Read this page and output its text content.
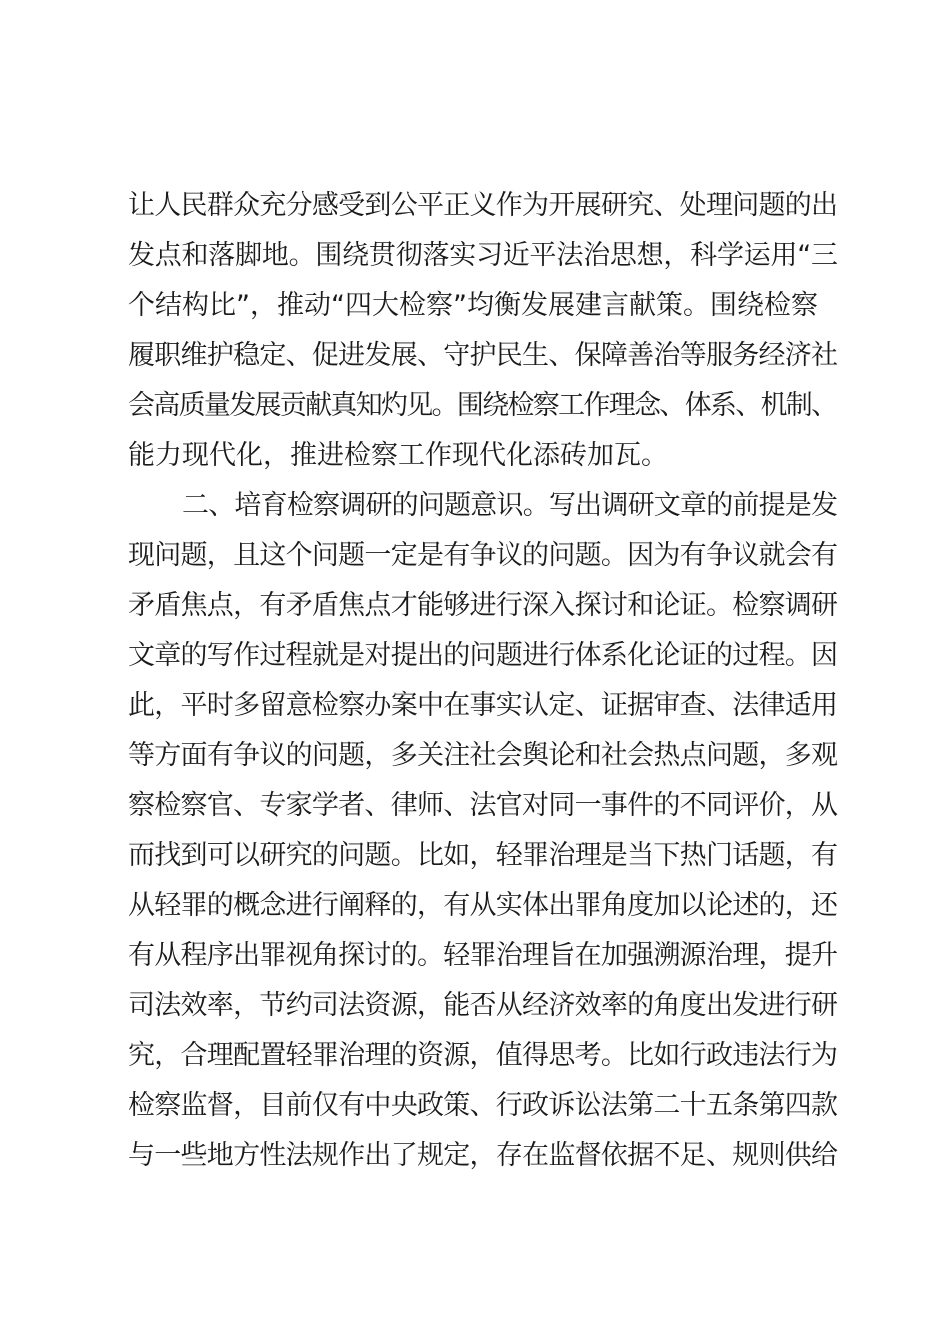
让人民群众充分感受到公平正义作为开展研究、处理问题的出
发点和落脚地。围绕贯彻落实习近平法治思想，科学运用“三
个结构比”，推动“四大检察”均衡发展建言献策。围绕检察
履职维护稳定、促进发展、守护民生、保障善治等服务经济社
会高质量发展贡献真知灼见。围绕检察工作理念、体系、机制、
能力现代化，推进检察工作现代化添砖加瓦。
二、培育检察调研的问题意识。写出调研文章的前提是发
现问题，且这个问题一定是有争议的问题。因为有争议就会有
矛盾焦点，有矛盾焦点才能够进行深入探讨和论证。检察调研
文章的写作过程就是对提出的问题进行体系化论证的过程。因
此，平时多留意检察办案中在事实认定、证据审查、法律适用
等方面有争议的问题，多关注社会舆论和社会热点问题，多观
察检察官、专家学者、律师、法官对同一事件的不同评价，从
而找到可以研究的问题。比如，轻罪治理是当下热门话题，有
从轻罪的概念进行阐释的，有从实体出罪角度加以论述的，还
有从程序出罪视角探讨的。轻罪治理旨在加强溯源治理，提升
司法效率，节约司法资源，能否从经济效率的角度出发进行研
究，合理配置轻罪治理的资源，值得思考。比如行政违法行为
检察监督，目前仅有中央政策、行政诉讼法第二十五条第四款
与一些地方性法规作出了规定，存在监督依据不足、规则供给
